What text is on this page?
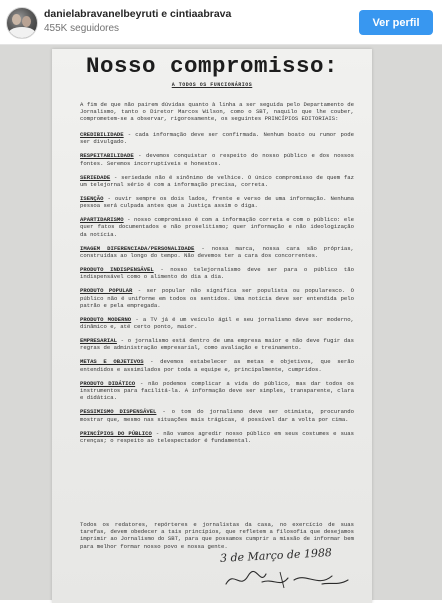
danielabravanelbeyruti e cintiaabrava
455K seguidores	Ver perfil
Nosso compromisso:
A TODOS OS FUNCIONÁRIOS
A fim de que não pairem dúvidas quanto à linha a ser seguida pelo Departamento de Jornalismo, tanto o Diretor Marcos Wilson, como o SBT, naquilo que lhe couber, comprometem-se a observar, rigorosamente, os seguintes PRINCÍPIOS EDITORIAIS:
CREDIBILIDADE - cada informação deve ser confirmada. Nenhum boato ou rumor pode ser divulgado.
RESPEITABILIDADE - devemos conquistar o respeito do nosso público e dos nossos fontes. Seremos incorruptíveis e honestos.
SERIEDADE - seriedade não é sinônimo de velhice. O único compromisso de quem faz um telejornal sério é com a informação precisa, correta.
ISENÇÃO - ouvir sempre os dois lados, frente e verso de uma informação. Nenhuma pessoa será culpada antes que a Justiça assim o diga.
APARTIDARISMO - nosso compromisso é com a informação correta e com o público: ele quer fatos documentados e não proselitismo; quer informação e não ideologização da notícia.
IMAGEM DIFERENCIADA/PERSONALIDADE - nossa marca, nossa cara são próprias, construídas ao longo do tempo. Não devemos ter a cara dos concorrentes.
PRODUTO INDISPENSÁVEL - nosso telejornalismo deve ser para o público tão indispensável como o alimento do dia a dia.
PRODUTO POPULAR - ser popular não significa ser populista ou popularesco. O público não é uniforme em todos os sentidos. Uma notícia deve ser entendida pelo patrão e pela empregada.
PRODUTO MODERNO - a TV já é um veículo ágil e seu jornalismo deve ser moderno, dinâmico e, até certo ponto, maior.
EMPRESARIAL - o jornalismo está dentro de uma empresa maior e não deve fugir das regras de administração empresarial, como avaliação e treinamento.
METAS E OBJETIVOS - devemos estabelecer as metas e objetivos, que serão entendidos e assimilados por toda a equipe e, principalmente, cumpridos.
PRODUTO DIDÁTICO - não podemos complicar a vida do público, mas dar todos os instrumentos para facilitá-la. A informação deve ser simples, transparente, clara e didática.
PESSIMISMO DISPENSÁVEL - o tom do jornalismo deve ser otimista, procurando mostrar que, mesmo nas situações mais trágicas, é possível dar a volta por cima.
PRINCÍPIOS DO PÚBLICO - não vamos agredir nosso público em seus costumes e suas crenças; o respeito ao telespectador é fundamental.
Todos os redatores, repórteres e jornalistas da casa, no exercício de suas tarefas, devem obedecer a tais princípios, que refletem a filosofia que desejamos imprimir ao Jornalismo do SBT, para que possamos cumprir a missão de informar bem para melhor formar nosso povo e nossa gente.
3 de Março de 1988
